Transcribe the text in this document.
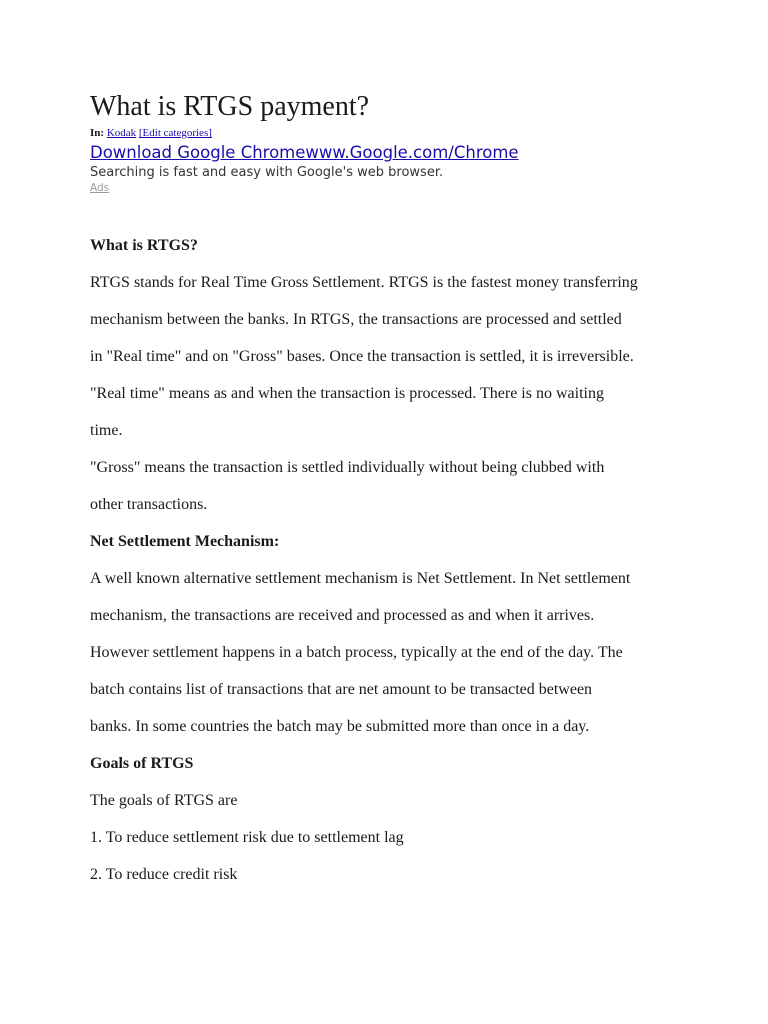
What is RTGS payment?
In: Kodak [Edit categories]
Download Google Chromewww.Google.com/Chrome
Searching is fast and easy with Google's web browser.
Ads
What is RTGS?
RTGS stands for Real Time Gross Settlement. RTGS is the fastest money transferring
mechanism between the banks. In RTGS, the transactions are processed and settled
in "Real time" and on "Gross" bases. Once the transaction is settled, it is irreversible.
"Real time" means as and when the transaction is processed. There is no waiting
time.
"Gross" means the transaction is settled individually without being clubbed with
other transactions.
Net Settlement Mechanism:
A well known alternative settlement mechanism is Net Settlement. In Net settlement
mechanism, the transactions are received and processed as and when it arrives.
However settlement happens in a batch process, typically at the end of the day. The
batch contains list of transactions that are net amount to be transacted between
banks. In some countries the batch may be submitted more than once in a day.
Goals of RTGS
The goals of RTGS are
1. To reduce settlement risk due to settlement lag
2. To reduce credit risk
